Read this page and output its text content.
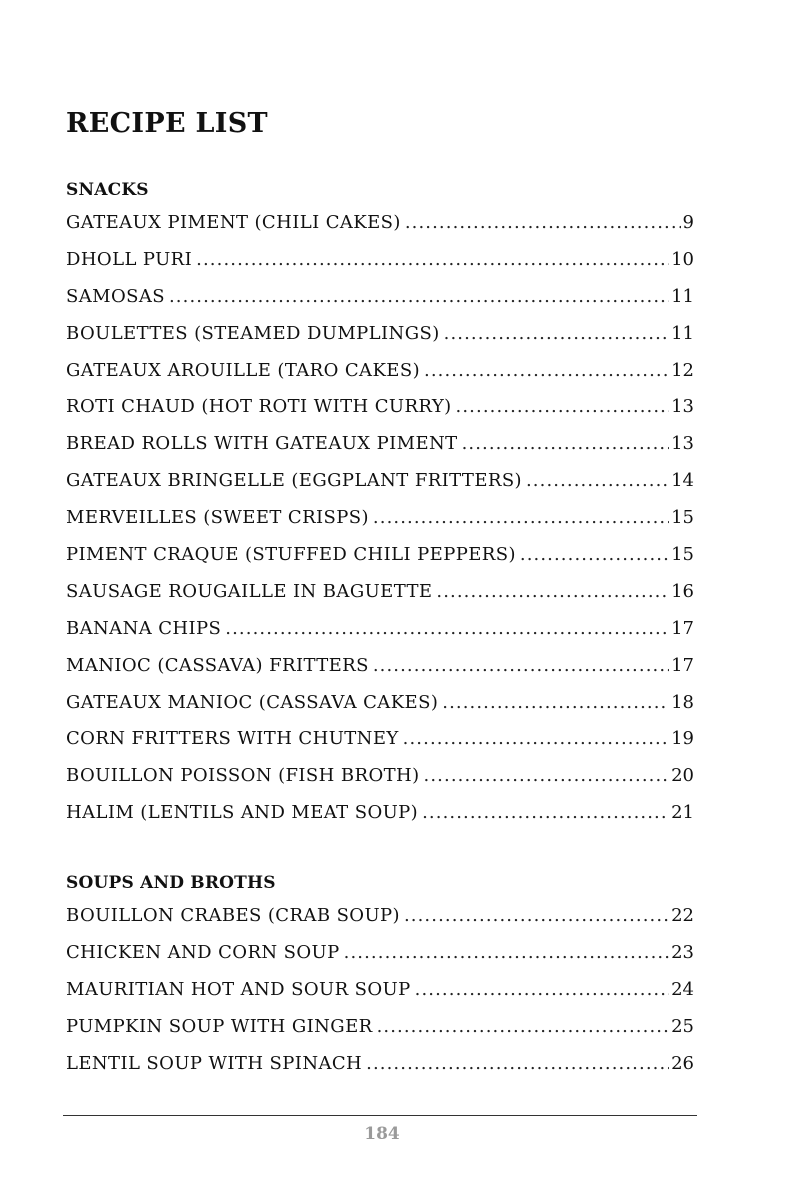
RECIPE LIST
SNACKS
GATEAUX PIMENT (CHILI CAKES) .....	9
DHOLL PURI .....	10
SAMOSAS .....	11
BOULETTES (STEAMED DUMPLINGS) .....	11
GATEAUX AROUILLE (TARO CAKES) .....	12
ROTI CHAUD (HOT ROTI WITH CURRY) .....	13
BREAD ROLLS WITH GATEAUX PIMENT .....	13
GATEAUX BRINGELLE (EGGPLANT FRITTERS) .....	14
MERVEILLES (SWEET CRISPS) .....	15
PIMENT CRAQUE (STUFFED CHILI PEPPERS) .....	15
SAUSAGE ROUGAILLE IN BAGUETTE .....	16
BANANA CHIPS .....	17
MANIOC (CASSAVA) FRITTERS .....	17
GATEAUX MANIOC (CASSAVA CAKES) .....	18
CORN FRITTERS WITH CHUTNEY .....	19
BOUILLON POISSON (FISH BROTH) .....	20
HALIM (LENTILS AND MEAT SOUP) .....	21
SOUPS AND BROTHS
BOUILLON CRABES (CRAB SOUP) .....	22
CHICKEN AND CORN SOUP .....	23
MAURITIAN HOT AND SOUR SOUP .....	24
PUMPKIN SOUP WITH GINGER .....	25
LENTIL SOUP WITH SPINACH .....	26
184
